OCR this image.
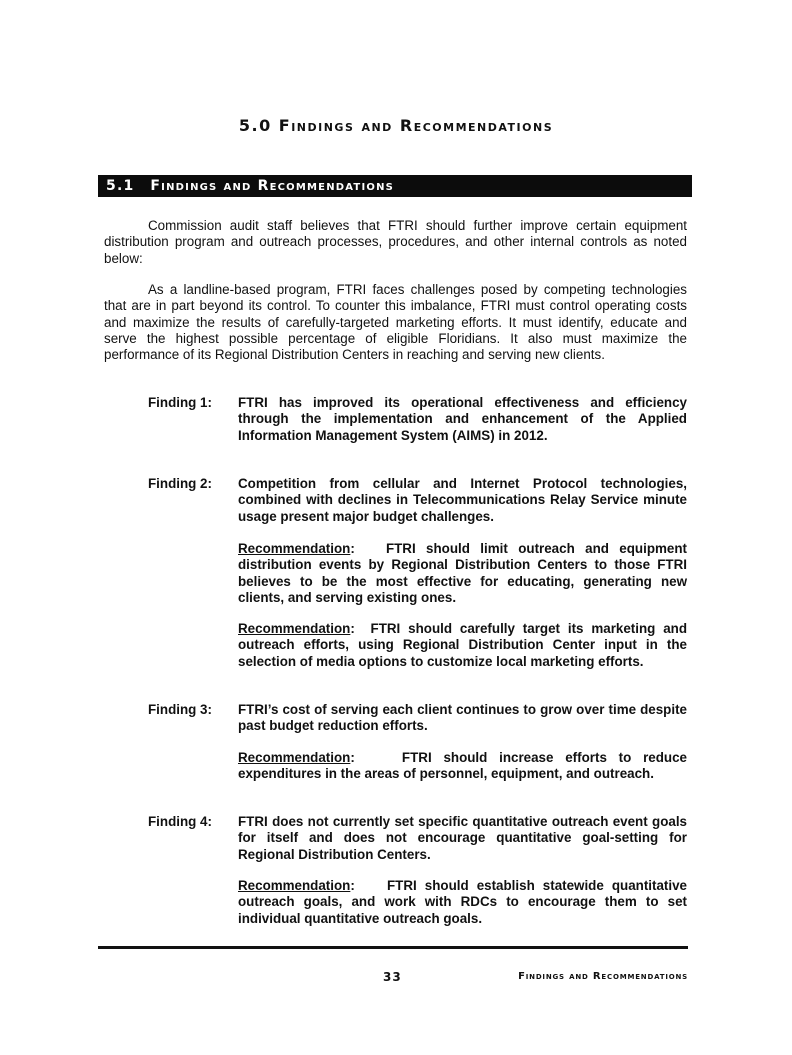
5.0 Findings and Recommendations
5.1 Findings and Recommendations

Commission audit staff believes that FTRI should further improve certain equipment distribution program and outreach processes, procedures, and other internal controls as noted below:

As a landline-based program, FTRI faces challenges posed by competing technologies that are in part beyond its control. To counter this imbalance, FTRI must control operating costs and maximize the results of carefully-targeted marketing efforts. It must identify, educate and serve the highest possible percentage of eligible Floridians. It also must maximize the performance of its Regional Distribution Centers in reaching and serving new clients.

Finding 1:	FTRI has improved its operational effectiveness and efficiency through the implementation and enhancement of the Applied Information Management System (AIMS) in 2012.

Finding 2:	Competition from cellular and Internet Protocol technologies, combined with declines in Telecommunications Relay Service minute usage present major budget challenges.

Recommendation:   FTRI should limit outreach and equipment distribution events by Regional Distribution Centers to those FTRI believes to be the most effective for educating, generating new clients, and serving existing ones.

Recommendation:  FTRI should carefully target its marketing and outreach efforts, using Regional Distribution Center input in the selection of media options to customize local marketing efforts.

Finding 3:	FTRI’s cost of serving each client continues to grow over time despite past budget reduction efforts.

Recommendation:    FTRI should increase efforts to reduce expenditures in the areas of personnel, equipment, and outreach.

Finding 4:	FTRI does not currently set specific quantitative outreach event goals for itself and does not encourage quantitative goal-setting for Regional Distribution Centers.

Recommendation:    FTRI should establish statewide quantitative outreach goals, and work with RDCs to encourage them to set individual quantitative outreach goals.

33	Findings and Recommendations
